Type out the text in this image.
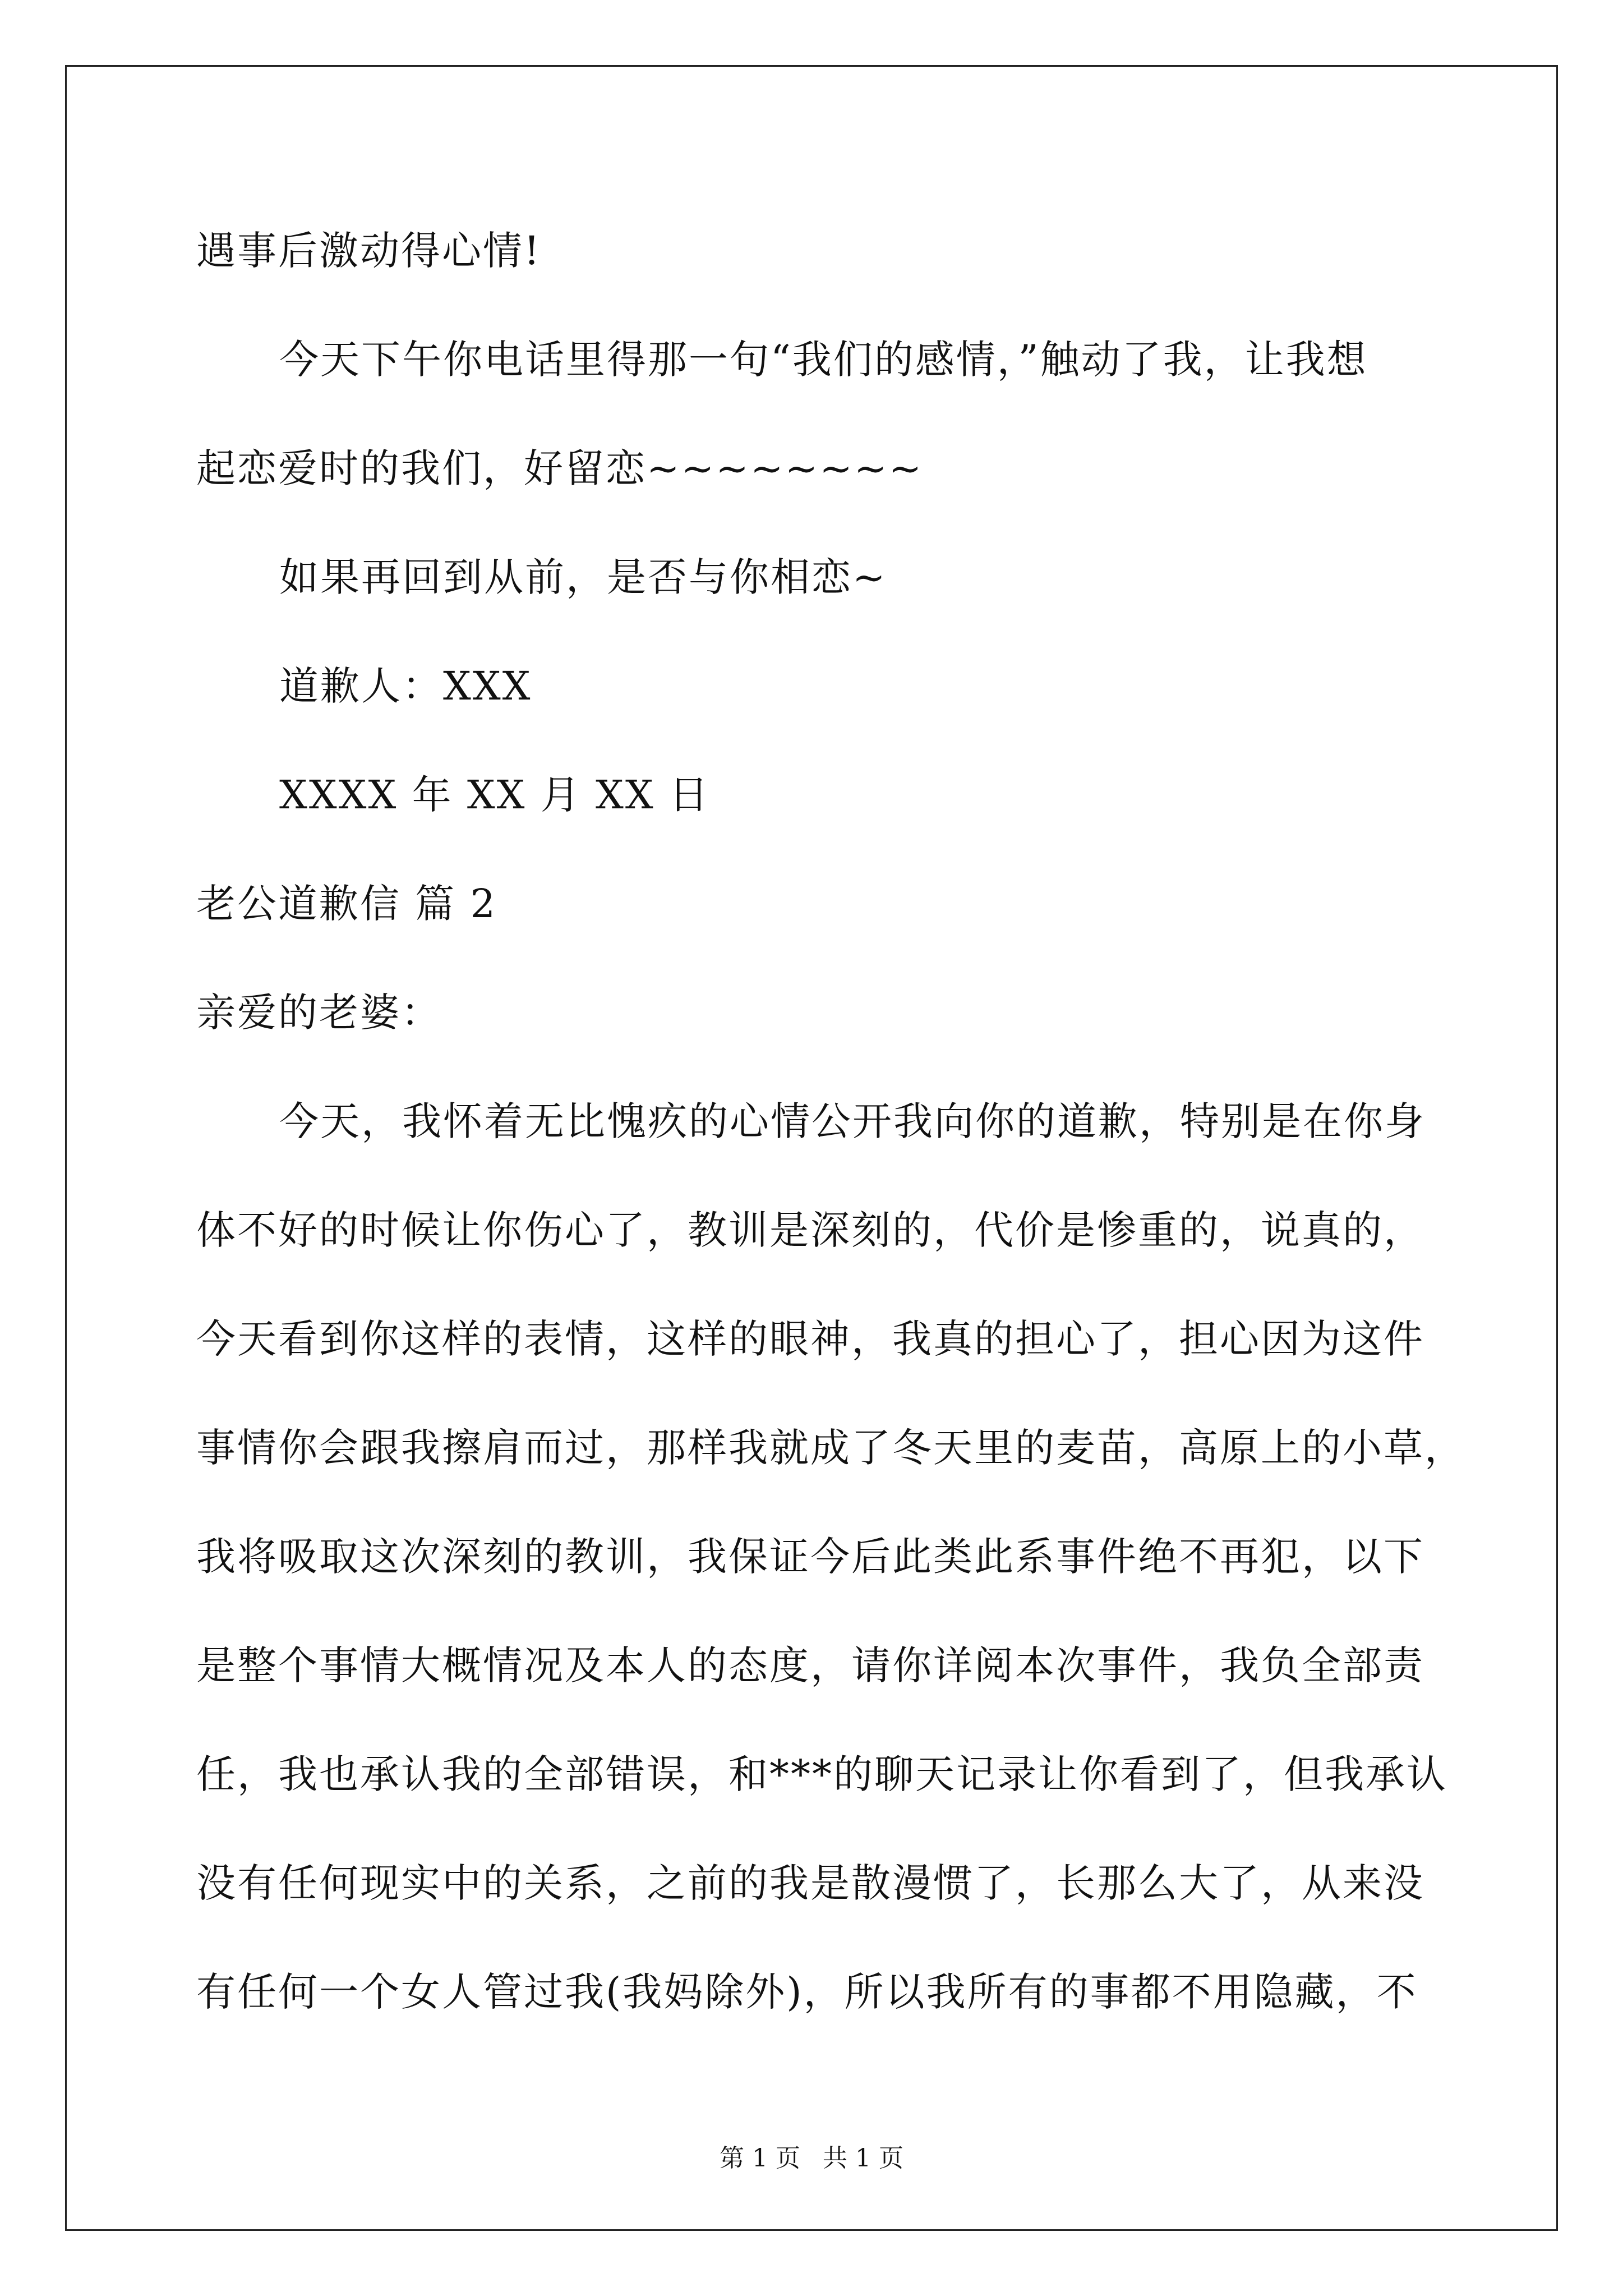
遇事后激动得心情!
今天下午你电话里得那一句“我们的感情，”触动了我，让我想
起恋爱时的我们，好留恋~~~~~~~~
如果再回到从前，是否与你相恋~
道歉人：XXX
XXXX 年 XX 月 XX 日
老公道歉信 篇 2
亲爱的老婆：
今天，我怀着无比愧疚的心情公开我向你的道歉，特别是在你身
体不好的时候让你伤心了，教训是深刻的，代价是惨重的，说真的，
今天看到你这样的表情，这样的眼神，我真的担心了，担心因为这件
事情你会跟我擦肩而过，那样我就成了冬天里的麦苗，高原上的小草，
我将吸取这次深刻的教训，我保证今后此类此系事件绝不再犯，以下
是整个事情大概情况及本人的态度，请你详阅本次事件，我负全部责
任，我也承认我的全部错误，和***的聊天记录让你看到了，但我承认
没有任何现实中的关系，之前的我是散漫惯了，长那么大了，从来没
有任何一个女人管过我(我妈除外)，所以我所有的事都不用隐藏，不
第 1 页 共 1 页
